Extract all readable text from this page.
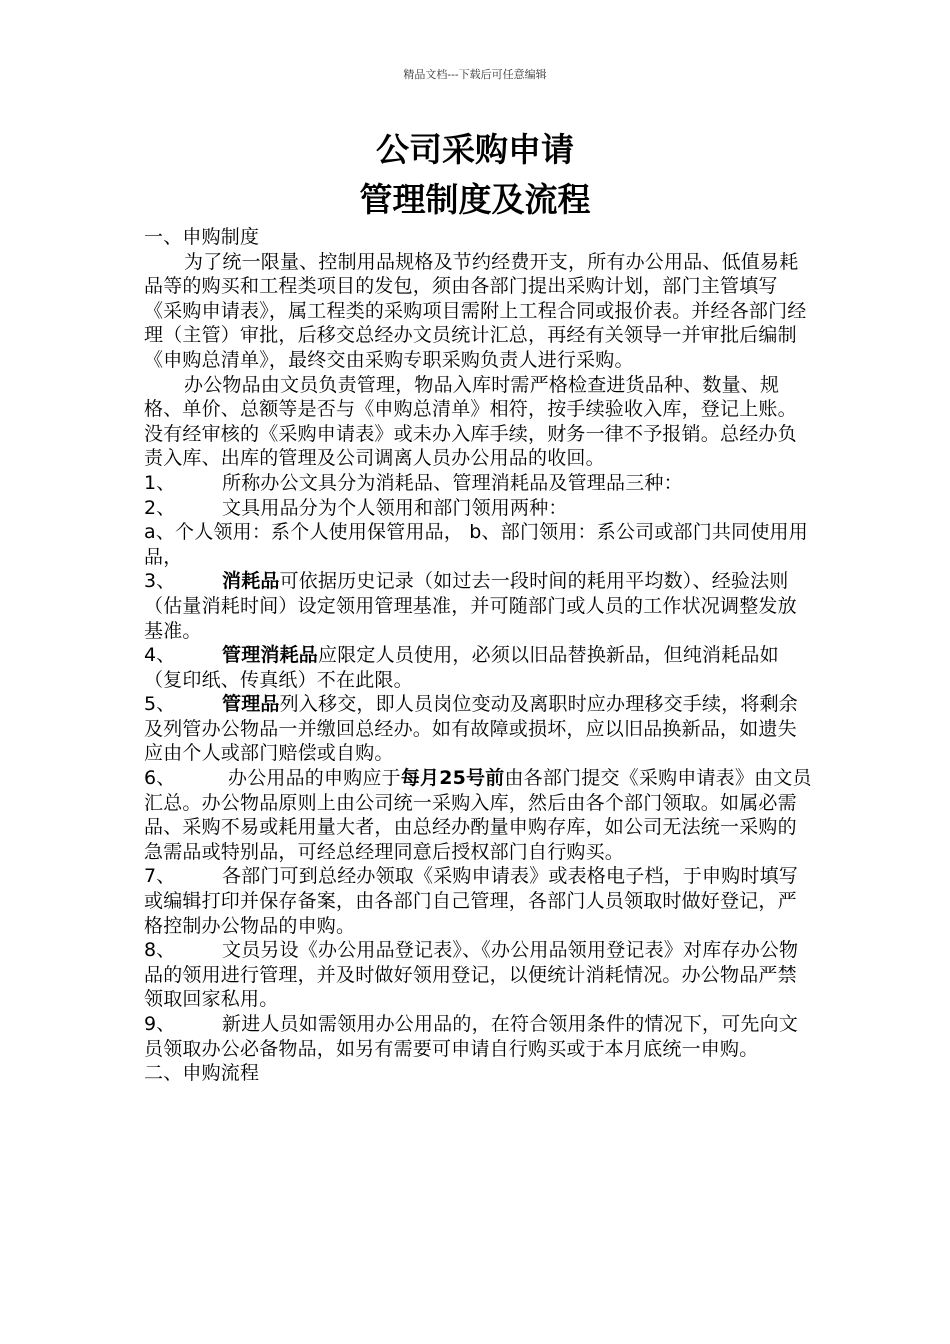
精品文档---下载后可任意编辑
公司采购申请
管理制度及流程

一、申购制度

为了统一限量、控制用品规格及节约经费开支，所有办公用品、低值易耗品等的购买和工程类项目的发包，须由各部门提出采购计划，部门主管填写《采购申请表》，属工程类的采购项目需附上工程合同或报价表。并经各部门经理（主管）审批，后移交总经办文员统计汇总，再经有关领导一并审批后编制《申购总清单》，最终交由采购专职采购负责人进行采购。

办公物品由文员负责管理，物品入库时需严格检查进货品种、数量、规格、单价、总额等是否与《申购总清单》相符，按手续验收入库，登记上账。没有经审核的《采购申请表》或未办入库手续，财务一律不予报销。总经办负责入库、出库的管理及公司调离人员办公用品的收回。

1、 所称办公文具分为消耗品、管理消耗品及管理品三种：

2、 文具用品分为个人领用和部门领用两种：

a、个人领用：系个人使用保管用品， b、部门领用：系公司或部门共同使用用品，

3、 消耗品可依据历史记录（如过去一段时间的耗用平均数）、经验法则（估量消耗时间）设定领用管理基准，并可随部门或人员的工作状况调整发放基准。

4、 管理消耗品应限定人员使用，必须以旧品替换新品，但纯消耗品如（复印纸、传真纸）不在此限。

5、 管理品列入移交，即人员岗位变动及离职时应办理移交手续，将剩余及列管办公物品一并缴回总经办。如有故障或损坏，应以旧品换新品，如遗失应由个人或部门赔偿或自购。

6、	办公用品的申购应于每月25号前由各部门提交《采购申请表》由文员汇总。办公物品原则上由公司统一采购入库，然后由各个部门领取。如属必需品、采购不易或耗用量大者，由总经办酌量申购存库，如公司无法统一采购的急需品或特别品，可经总经理同意后授权部门自行购买。

7、 各部门可到总经办领取《采购申请表》或表格电子档，于申购时填写或编辑打印并保存备案，由各部门自己管理，各部门人员领取时做好登记，严格控制办公物品的申购。

8、 文员另设《办公用品登记表》、《办公用品领用登记表》对库存办公物品的领用进行管理，并及时做好领用登记，以便统计消耗情况。办公物品严禁领取回家私用。

9、 新进人员如需领用办公用品的，在符合领用条件的情况下，可先向文员领取办公必备物品，如另有需要可申请自行购买或于本月底统一申购。

二、申购流程
